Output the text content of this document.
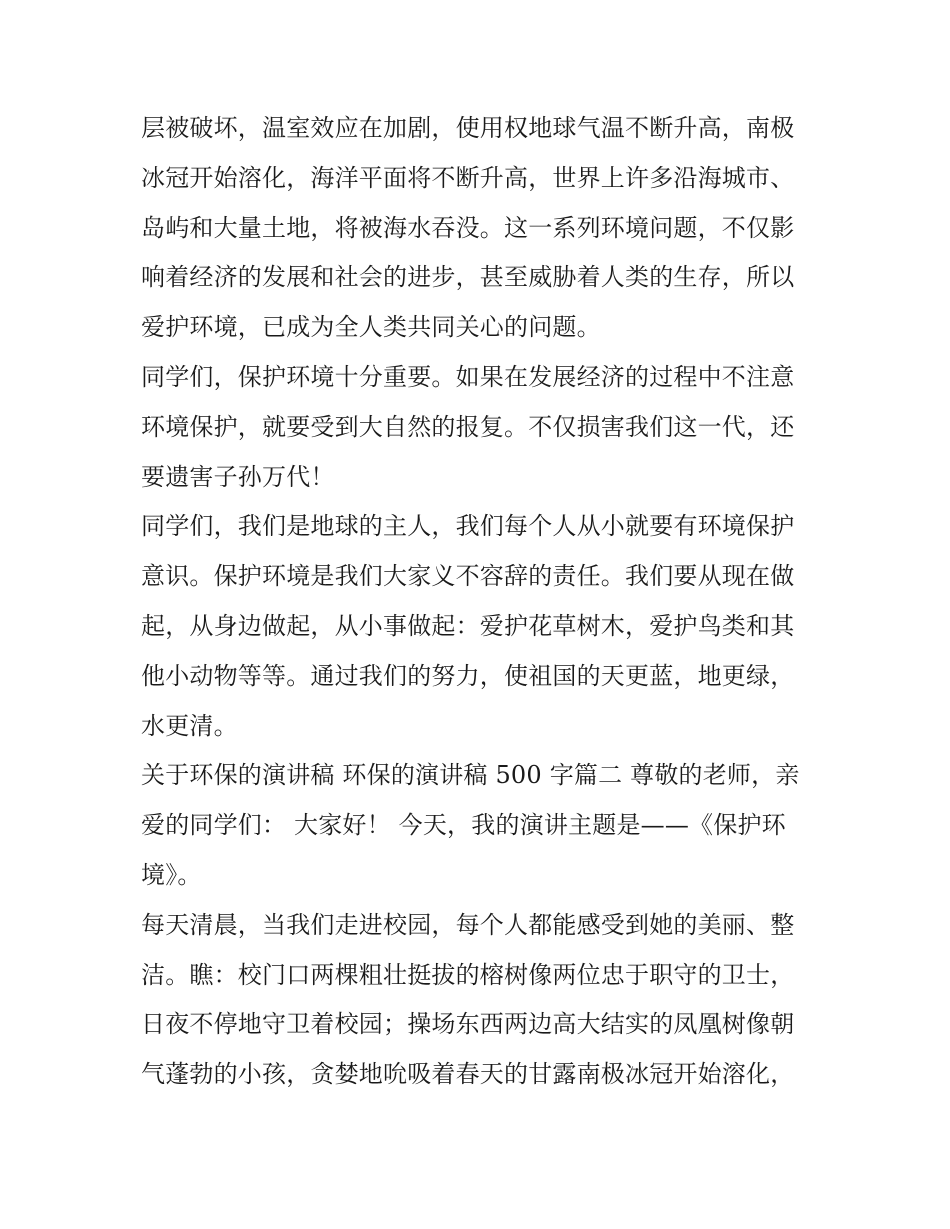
层被破坏，温室效应在加剧，使用权地球气温不断升高，南极
冰冠开始溶化，海洋平面将不断升高，世界上许多沿海城市、
岛屿和大量土地，将被海水吞没。这一系列环境问题，不仅影
响着经济的发展和社会的进步，甚至威胁着人类的生存，所以
爱护环境，已成为全人类共同关心的问题。

同学们，保护环境十分重要。如果在发展经济的过程中不注意
环境保护，就要受到大自然的报复。不仅损害我们这一代，还
要遗害子孙万代！

同学们，我们是地球的主人，我们每个人从小就要有环境保护
意识。保护环境是我们大家义不容辞的责任。我们要从现在做
起，从身边做起，从小事做起：爱护花草树木，爱护鸟类和其
他小动物等等。通过我们的努力，使祖国的天更蓝，地更绿，
水更清。

关于环保的演讲稿 环保的演讲稿 500 字篇二 尊敬的老师，亲
爱的同学们： 大家好！ 今天，我的演讲主题是——《保护环
境》。

每天清晨，当我们走进校园，每个人都能感受到她的美丽、整
洁。瞧：校门口两棵粗壮挺拔的榕树像两位忠于职守的卫士，
日夜不停地守卫着校园；操场东西两边高大结实的凤凰树像朝
气蓬勃的小孩，贪婪地吮吸着春天的甘露南极冰冠开始溶化，
